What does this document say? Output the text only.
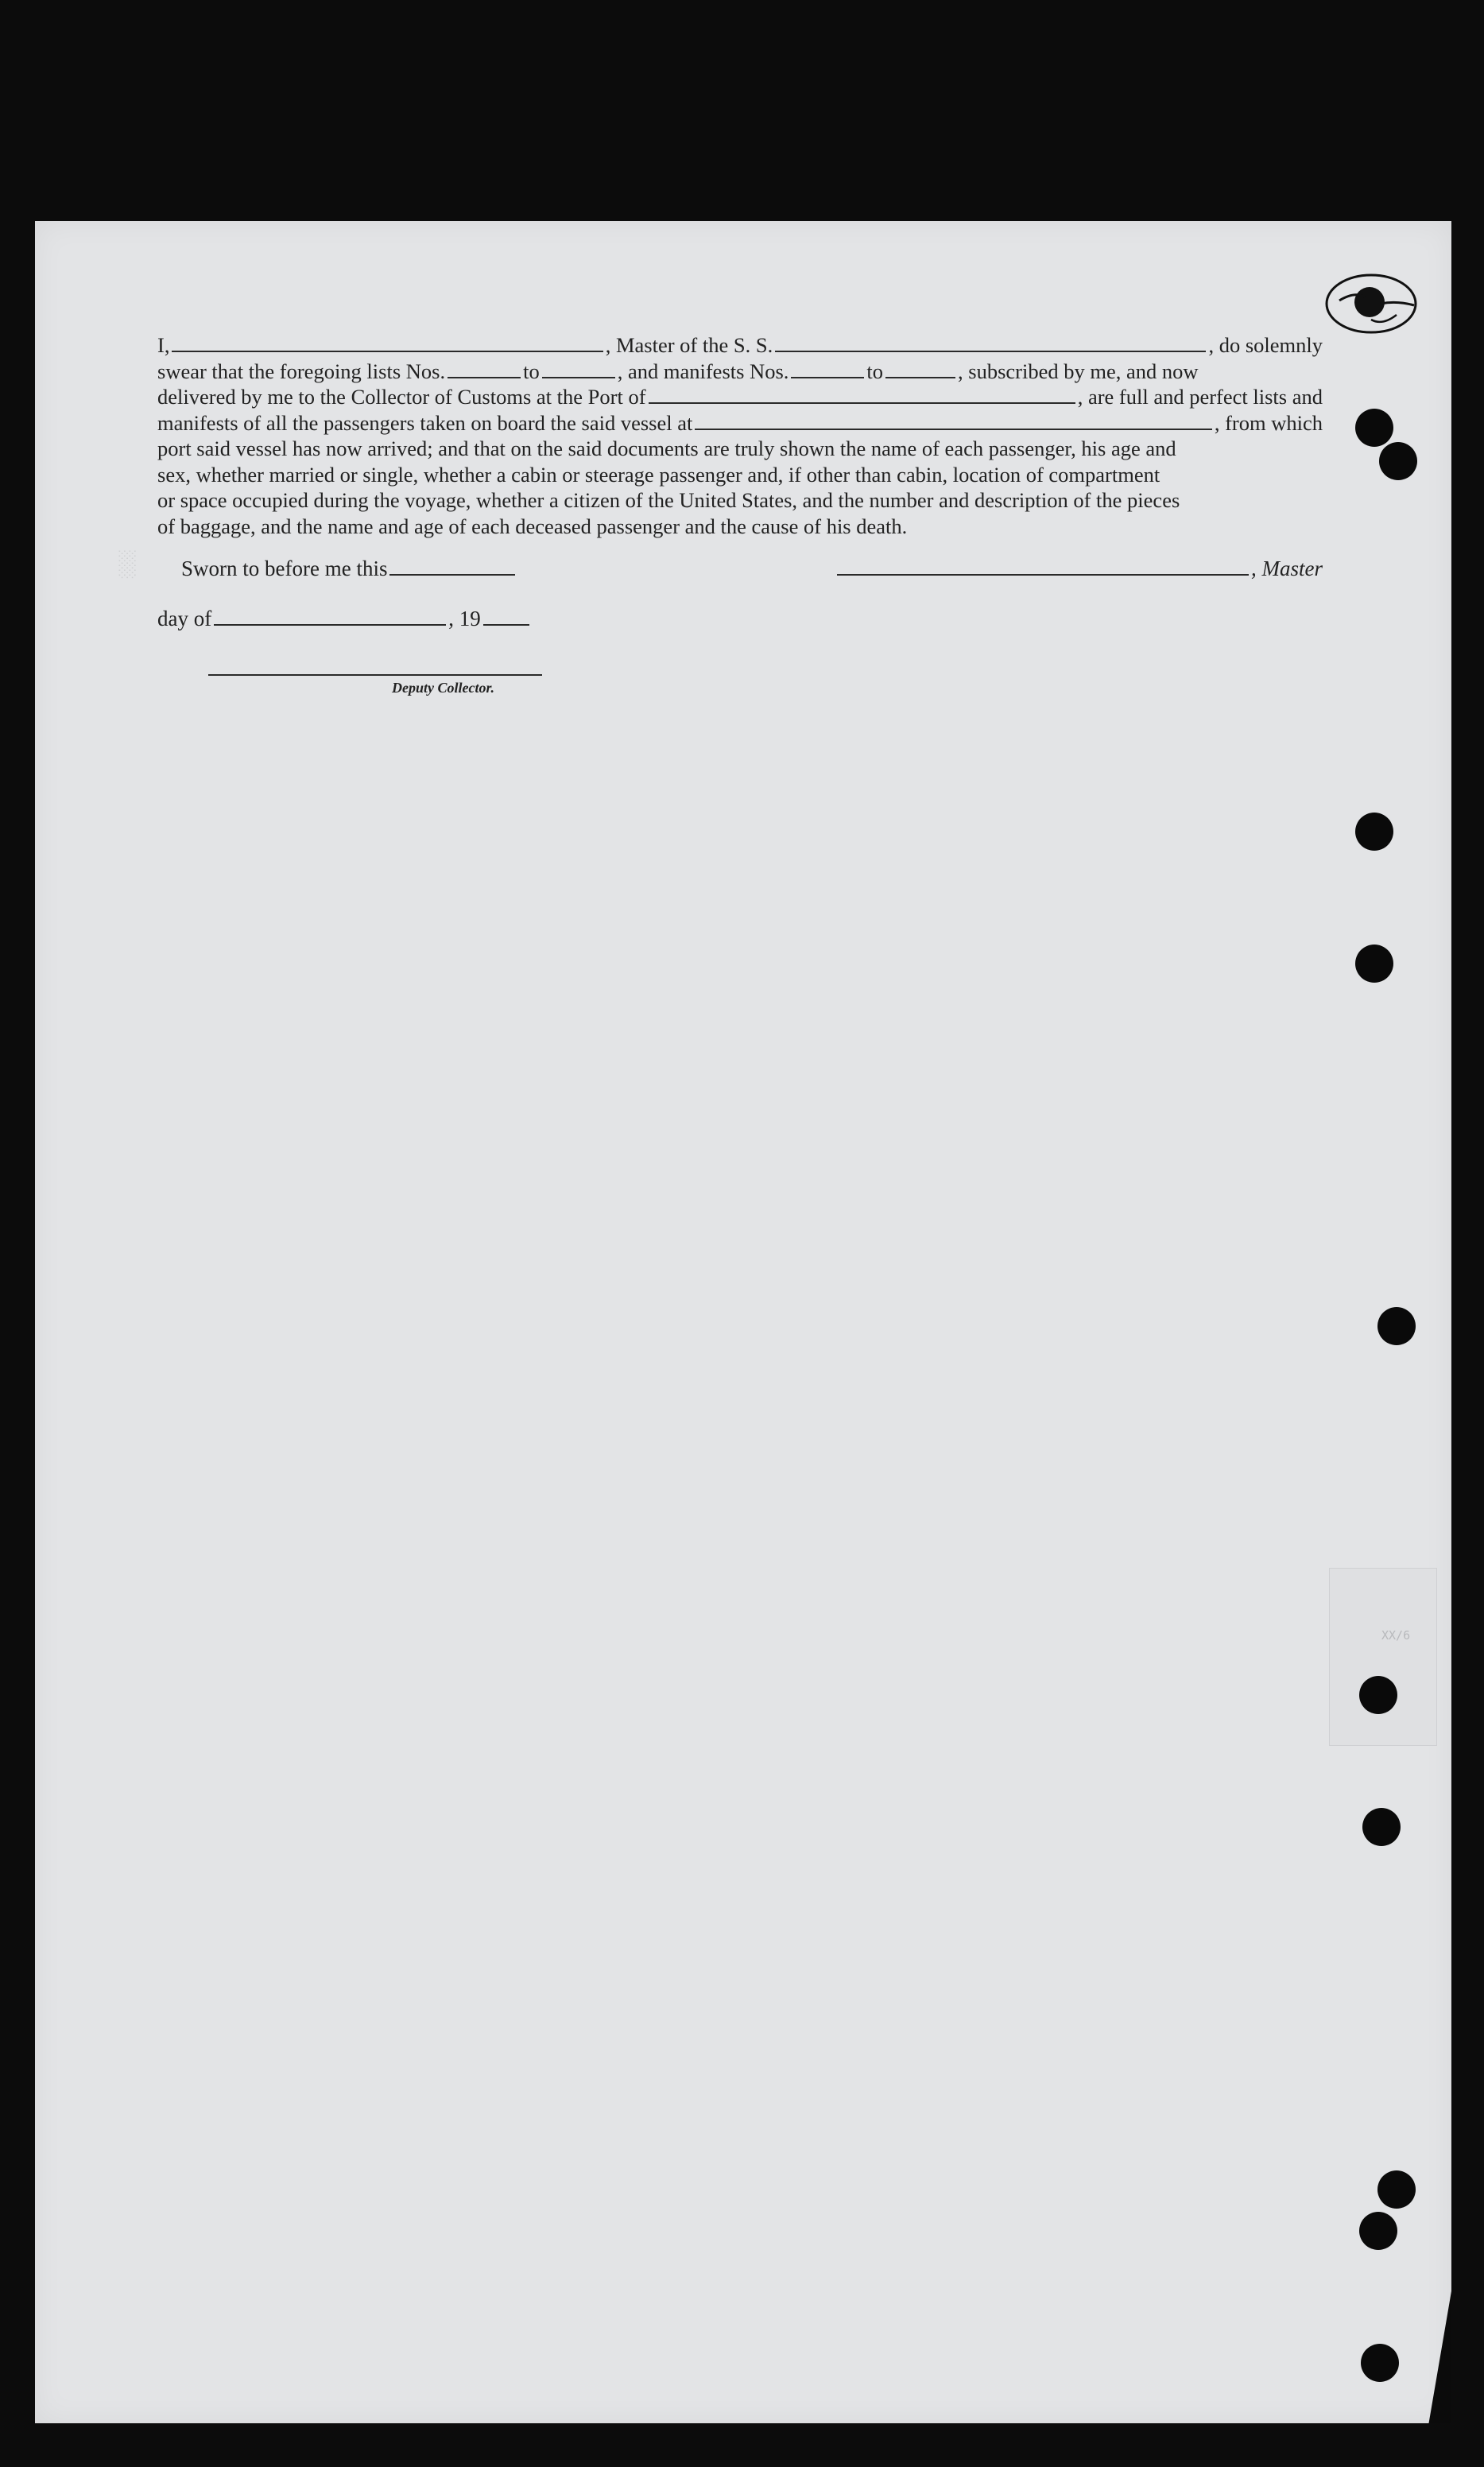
░
I,	, Master of the S. S.	, do solemnly
swear that the foregoing lists Nos.	to	, and manifests Nos.	to	, subscribed by me, and now
delivered by me to the Collector of Customs at the Port of	, are full and perfect lists and
manifests of all the passengers taken on board the said vessel at	, from which
port said vessel has now arrived; and that on the said documents are truly shown the name of each passenger, his age and
sex, whether married or single, whether a cabin or steerage passenger and, if other than cabin, location of compartment
or space occupied during the voyage, whether a citizen of the United States, and the number and description of the pieces
of baggage, and the name and age of each deceased passenger and the cause of his death.
Sworn to before me this	, Master
day of	, 19
Deputy Collector.
XX/6
